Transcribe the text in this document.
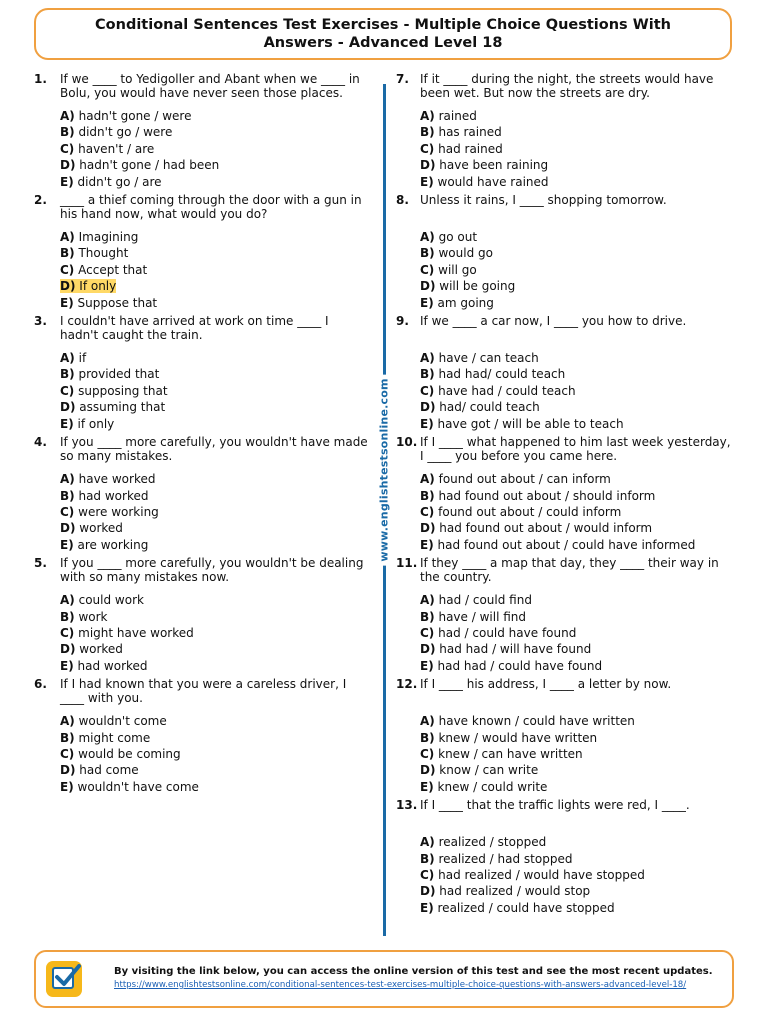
Conditional Sentences Test Exercises - Multiple Choice Questions With
Answers - Advanced Level 18
1.	If we ____ to Yedigoller and Abant when we ____ in Bolu, you would have never seen those places.
A) hadn't gone / were
B) didn't go / were
C) haven't / are
D) hadn't gone / had been
E) didn't go / are
2.	____ a thief coming through the door with a gun in his hand now, what would you do?
A) Imagining
B) Thought
C) Accept that
D) If only
E) Suppose that
3.	I couldn't have arrived at work on time ____ I hadn't caught the train.
A) if
B) provided that
C) supposing that
D) assuming that
E) if only
4.	If you ____ more carefully, you wouldn't have made so many mistakes.
A) have worked
B) had worked
C) were working
D) worked
E) are working
5.	If you ____ more carefully, you wouldn't be dealing with so many mistakes now.
A) could work
B) work
C) might have worked
D) worked
E) had worked
6.	If I had known that you were a careless driver, I ____ with you.
A) wouldn't come
B) might come
C) would be coming
D) had come
E) wouldn't have come
www.englishtestsonline.com
7. If it ____ during the night, the streets would have been wet. But now the streets are dry.
A) rained
B) has rained
C) had rained
D) have been raining
E) would have rained
8. Unless it rains, I ____ shopping tomorrow.
A) go out
B) would go
C) will go
D) will be going
E) am going
9. If we ____ a car now, I ____ you how to drive.
A) have / can teach
B) had had/ could teach
C) have had / could teach
D) had/ could teach
E) have got / will be able to teach
10. If I ____ what happened to him last week yesterday, I ____ you before you came here.
A) found out about / can inform
B) had found out about / should inform
C) found out about / could inform
D) had found out about / would inform
E) had found out about / could have informed
11. If they ____ a map that day, they ____ their way in the country.
A) had / could find
B) have / will find
C) had / could have found
D) had had / will have found
E) had had / could have found
12. If I ____ his address, I ____ a letter by now.
A) have known / could have written
B) knew / would have written
C) knew / can have written
D) know / can write
E) knew / could write
13. If I ____ that the traffic lights were red, I ____.
A) realized / stopped
B) realized / had stopped
C) had realized / would have stopped
D) had realized / would stop
E) realized / could have stopped
By visiting the link below, you can access the online version of this test and see the most recent updates.
https://www.englishtestsonline.com/conditional-sentences-test-exercises-multiple-choice-questions-with-answers-advanced-level-18/
